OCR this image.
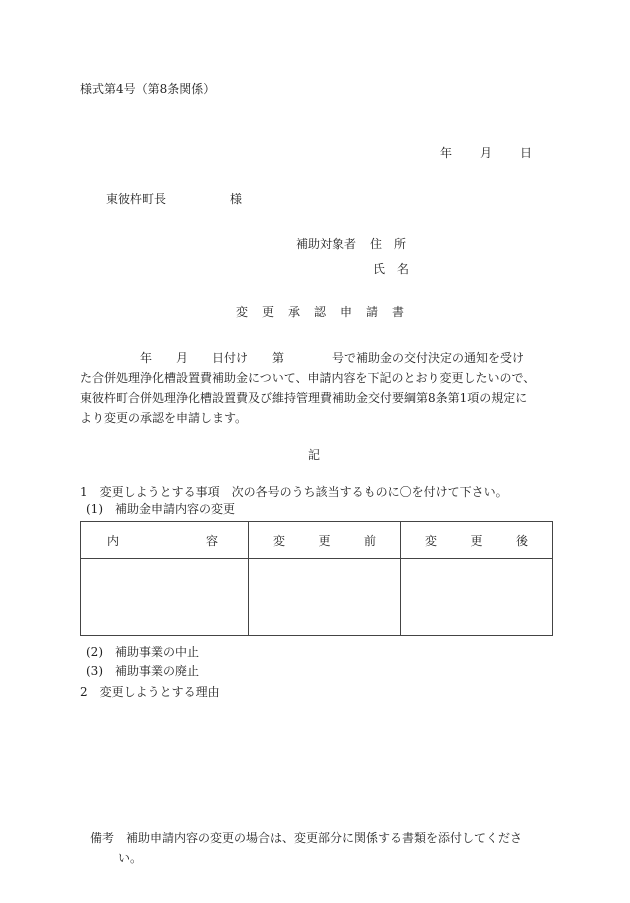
様式第4号（第8条関係）
年 月 日
東彼杵町長	様
補助対象者 住　所
氏　名
変更承認申請書
　　　　　年　　月　　日付け　　第　　　　号で補助金の交付決定の通知を受け
た合併処理浄化槽設置費補助金について、申請内容を下記のとおり変更したいので、
東彼杵町合併処理浄化槽設置費及び維持管理費補助金交付要綱第8条第1項の規定に
より変更の承認を申請します。
記
1　変更しようとする事項　次の各号のうち該当するものに〇を付けて下さい。
(1)　補助金申請内容の変更
内 容	変 更 前	変 更 後

(2)　補助事業の中止
(3)　補助事業の廃止
2　変更しようとする理由
備考　補助申請内容の変更の場合は、変更部分に関係する書類を添付してくださ
い。
